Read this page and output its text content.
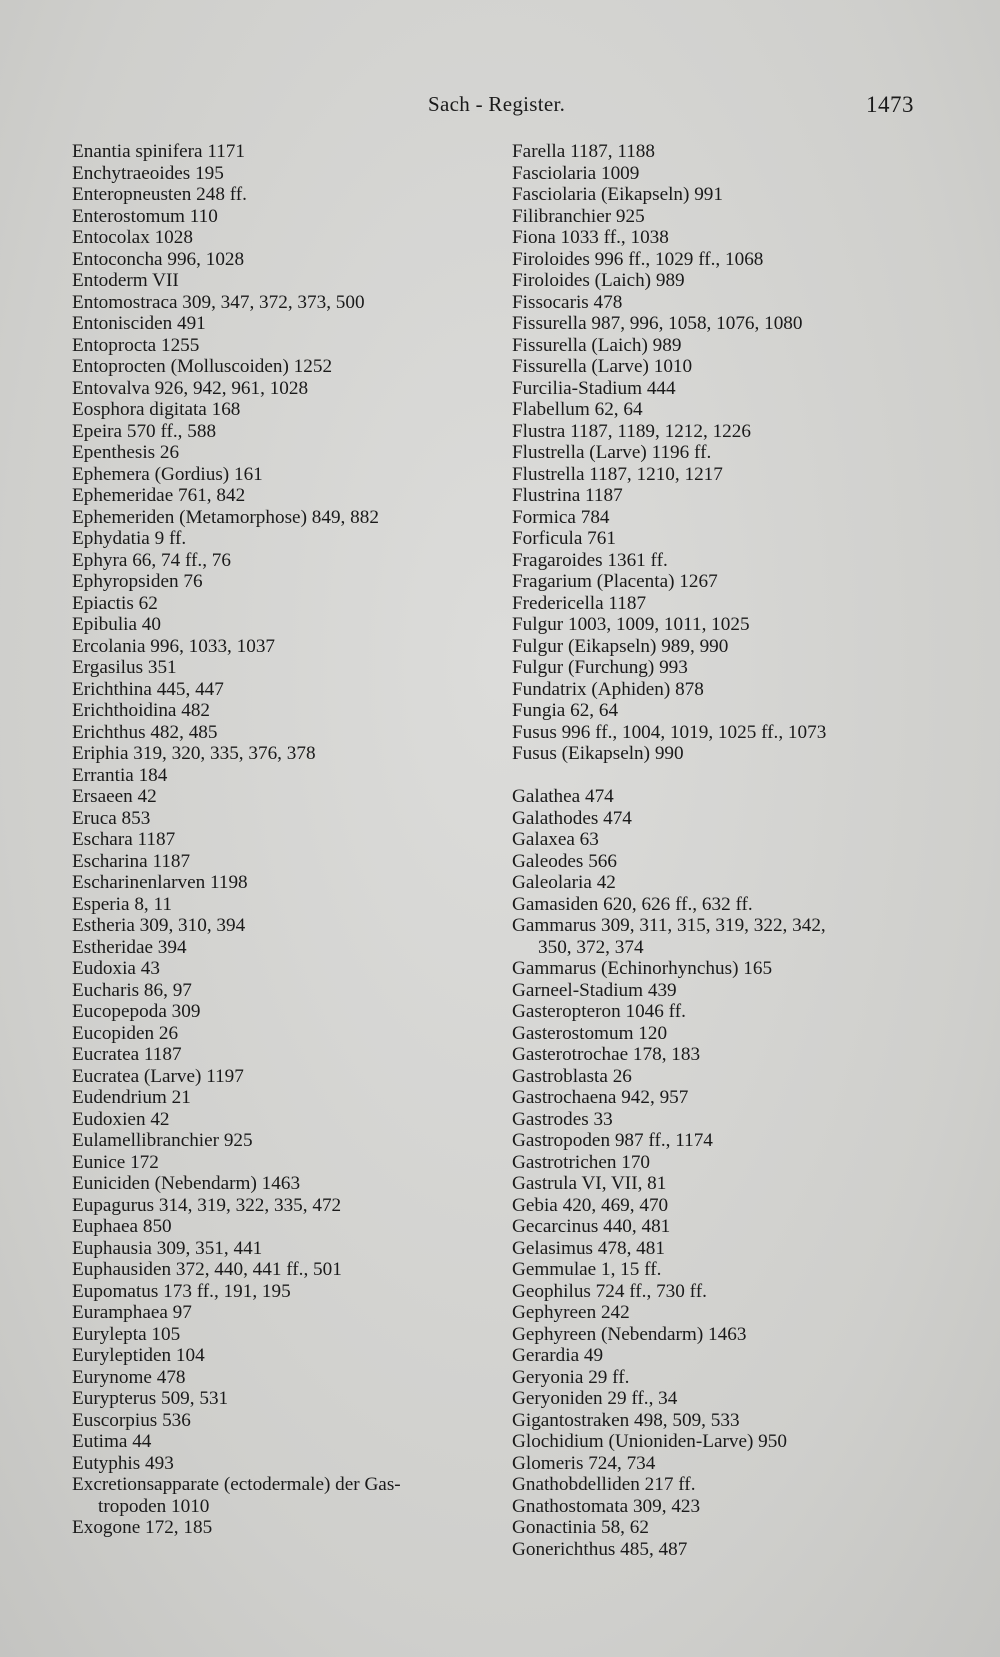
Sach - Register.	1473
Enantia spinifera 1171
Enchytraeoides 195
Enteropneusten 248 ff.
Enterostomum 110
Entocolax 1028
Entoconcha 996, 1028
Entoderm VII
Entomostraca 309, 347, 372, 373, 500
Entonisciden 491
Entoprocta 1255
Entoprocten (Molluscoiden) 1252
Entovalva 926, 942, 961, 1028
Eosphora digitata 168
Epeira 570 ff., 588
Epenthesis 26
Ephemera (Gordius) 161
Ephemeridae 761, 842
Ephemeriden (Metamorphose) 849, 882
Ephydatia 9 ff.
Ephyra 66, 74 ff., 76
Ephyropsiden 76
Epiactis 62
Epibulia 40
Ercolania 996, 1033, 1037
Ergasilus 351
Erichthina 445, 447
Erichthoidina 482
Erichthus 482, 485
Eriphia 319, 320, 335, 376, 378
Errantia 184
Ersaeen 42
Eruca 853
Eschara 1187
Escharina 1187
Escharinenlarven 1198
Esperia 8, 11
Estheria 309, 310, 394
Estheridae 394
Eudoxia 43
Eucharis 86, 97
Eucopepoda 309
Eucopiden 26
Eucratea 1187
Eucratea (Larve) 1197
Eudendrium 21
Eudoxien 42
Eulamellibranchier 925
Eunice 172
Euniciden (Nebendarm) 1463
Eupagurus 314, 319, 322, 335, 472
Euphaea 850
Euphausia 309, 351, 441
Euphausiden 372, 440, 441 ff., 501
Eupomatus 173 ff., 191, 195
Euramphaea 97
Eurylepta 105
Euryleptiden 104
Eurynome 478
Eurypterus 509, 531
Euscorpius 536
Eutima 44
Eutyphis 493
Excretionsapparate (ectodermale) der Gas-
tropoden 1010
Exogone 172, 185
Farella 1187, 1188
Fasciolaria 1009
Fasciolaria (Eikapseln) 991
Filibranchier 925
Fiona 1033 ff., 1038
Firoloides 996 ff., 1029 ff., 1068
Firoloides (Laich) 989
Fissocaris 478
Fissurella 987, 996, 1058, 1076, 1080
Fissurella (Laich) 989
Fissurella (Larve) 1010
Furcilia-Stadium 444
Flabellum 62, 64
Flustra 1187, 1189, 1212, 1226
Flustrella (Larve) 1196 ff.
Flustrella 1187, 1210, 1217
Flustrina 1187
Formica 784
Forficula 761
Fragaroides 1361 ff.
Fragarium (Placenta) 1267
Fredericella 1187
Fulgur 1003, 1009, 1011, 1025
Fulgur (Eikapseln) 989, 990
Fulgur (Furchung) 993
Fundatrix (Aphiden) 878
Fungia 62, 64
Fusus 996 ff., 1004, 1019, 1025 ff., 1073
Fusus (Eikapseln) 990
Galathea 474
Galathodes 474
Galaxea 63
Galeodes 566
Galeolaria 42
Gamasiden 620, 626 ff., 632 ff.
Gammarus 309, 311, 315, 319, 322, 342,
350, 372, 374
Gammarus (Echinorhynchus) 165
Garneel-Stadium 439
Gasteropteron 1046 ff.
Gasterostomum 120
Gasterotrochae 178, 183
Gastroblasta 26
Gastrochaena 942, 957
Gastrodes 33
Gastropoden 987 ff., 1174
Gastrotrichen 170
Gastrula VI, VII, 81
Gebia 420, 469, 470
Gecarcinus 440, 481
Gelasimus 478, 481
Gemmulae 1, 15 ff.
Geophilus 724 ff., 730 ff.
Gephyreen 242
Gephyreen (Nebendarm) 1463
Gerardia 49
Geryonia 29 ff.
Geryoniden 29 ff., 34
Gigantostraken 498, 509, 533
Glochidium (Unioniden-Larve) 950
Glomeris 724, 734
Gnathobdelliden 217 ff.
Gnathostomata 309, 423
Gonactinia 58, 62
Gonerichthus 485, 487
